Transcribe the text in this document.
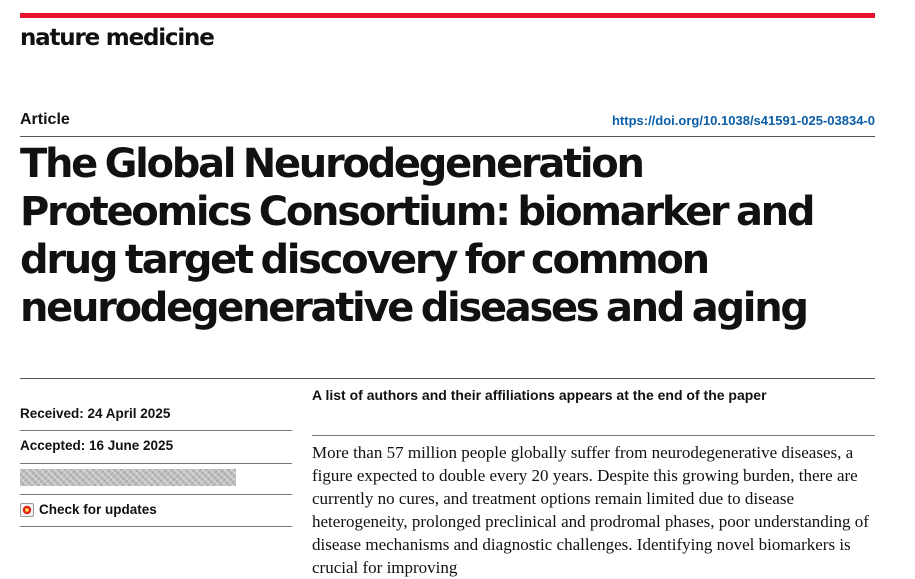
nature medicine
Article	https://doi.org/10.1038/s41591-025-03834-0
The Global Neurodegeneration Proteomics Consortium: biomarker and drug target discovery for common neurodegenerative diseases and aging
A list of authors and their affiliations appears at the end of the paper
Received: 24 April 2025
Accepted: 16 June 2025
Check for updates

More than 57 million people globally suffer from neurodegenerative diseases, a figure expected to double every 20 years. Despite this growing burden, there are currently no cures, and treatment options remain limited due to disease heterogeneity, prolonged preclinical and prodromal phases, poor understanding of disease mechanisms and diagnostic challenges. Identifying novel biomarkers is crucial for improving
